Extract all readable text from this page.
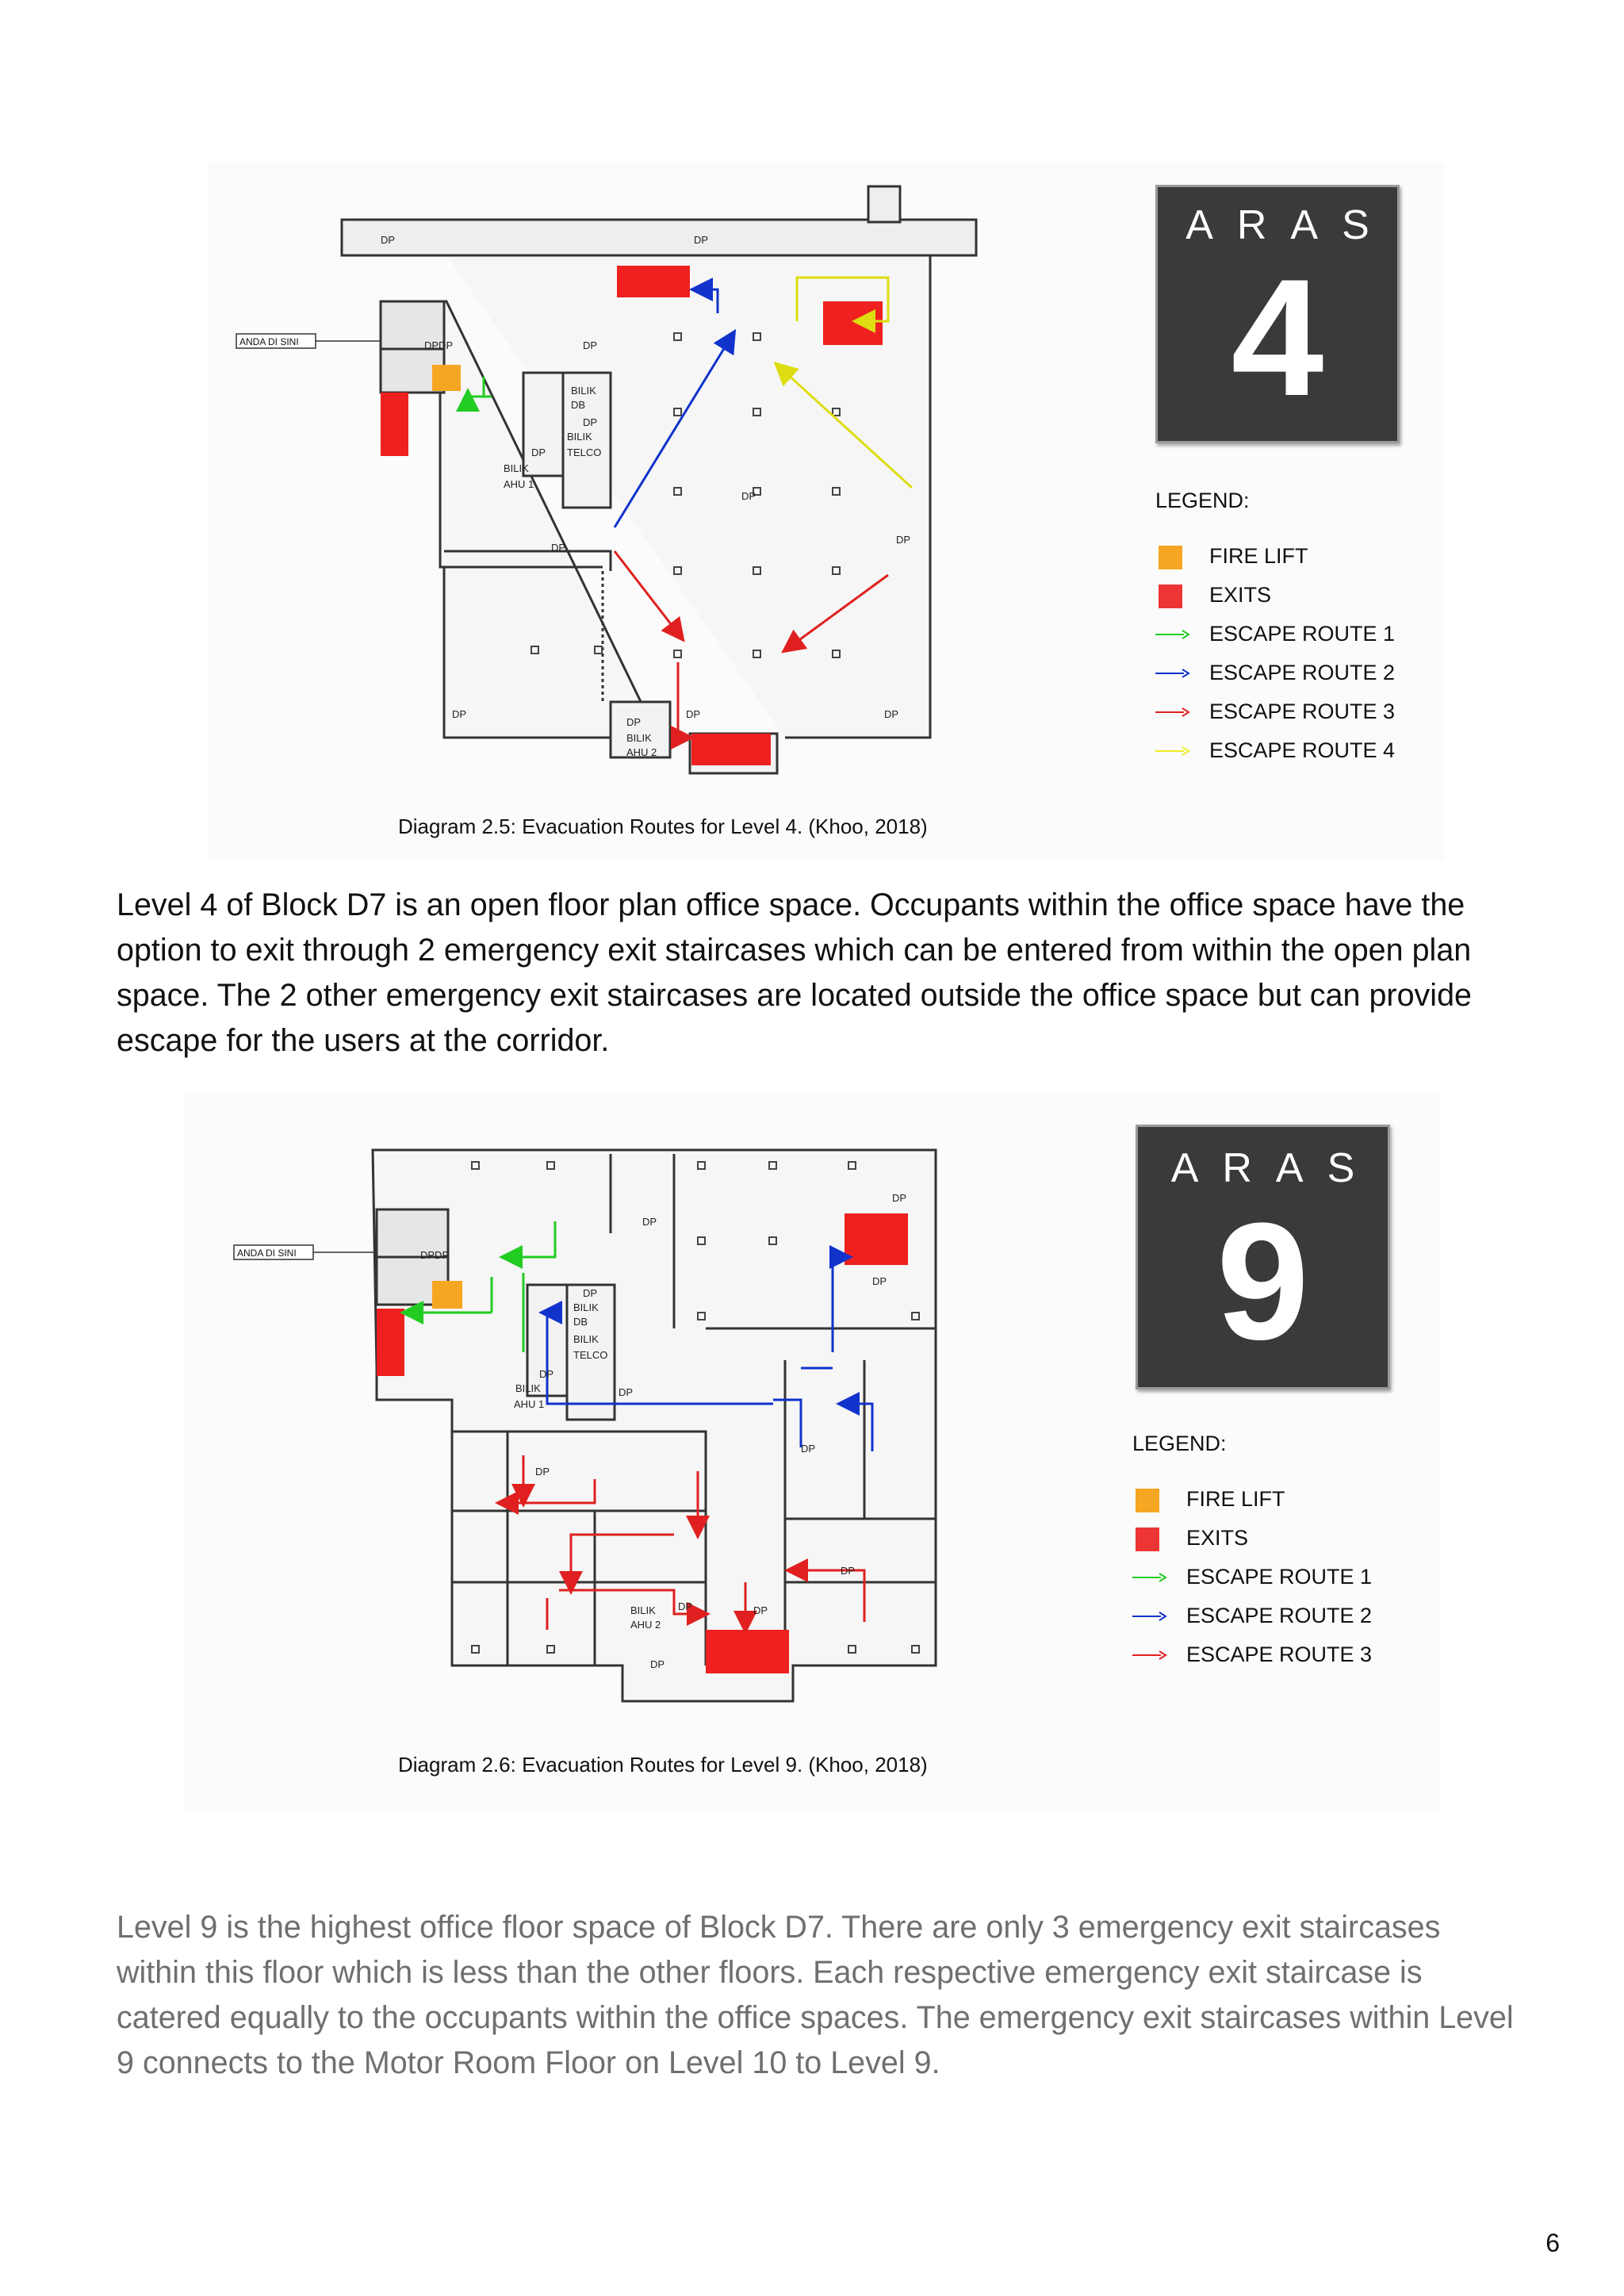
DP	DP
DPDP	DP
BILIK
DB
DP
BILIK
TELCO
DP
BILIK
AHU 1
DP
DP
DP
DP
DP
DP	DP
BILIK
AHU 2
ANDA DI SINI
ARAS
4
LEGEND:
FIRE LIFT
EXITS
ESCAPE ROUTE 1
ESCAPE ROUTE 2
ESCAPE ROUTE 3
ESCAPE ROUTE 4
Diagram 2.5: Evacuation Routes for Level 4. (Khoo, 2018)
Level 4 of Block D7 is an open floor plan office space. Occupants within the office space have the option to exit through 2 emergency exit staircases which can be entered from within the open plan space. The 2 other emergency exit staircases are located outside the office space but can provide escape for the users at the corridor.
DP
DP
DP
DPDP
DP
BILIK
DB
BILIK
TELCO
DP
BILIK
AHU 1
DP
DP
DP
DP
DP
DP
BILIK
AHU 2
DP
ANDA DI SINI
ARAS
9
LEGEND:
FIRE LIFT
EXITS
ESCAPE ROUTE 1
ESCAPE ROUTE 2
ESCAPE ROUTE 3
Diagram 2.6: Evacuation Routes for Level 9. (Khoo, 2018)
Level 9 is the highest office floor space of Block D7. There are only 3 emergency exit staircases within this floor which is less than the other floors. Each respective emergency exit staircase is catered equally to the occupants within the office spaces. The emergency exit staircases within Level 9 connects to the Motor Room Floor on Level 10 to Level 9.
6
